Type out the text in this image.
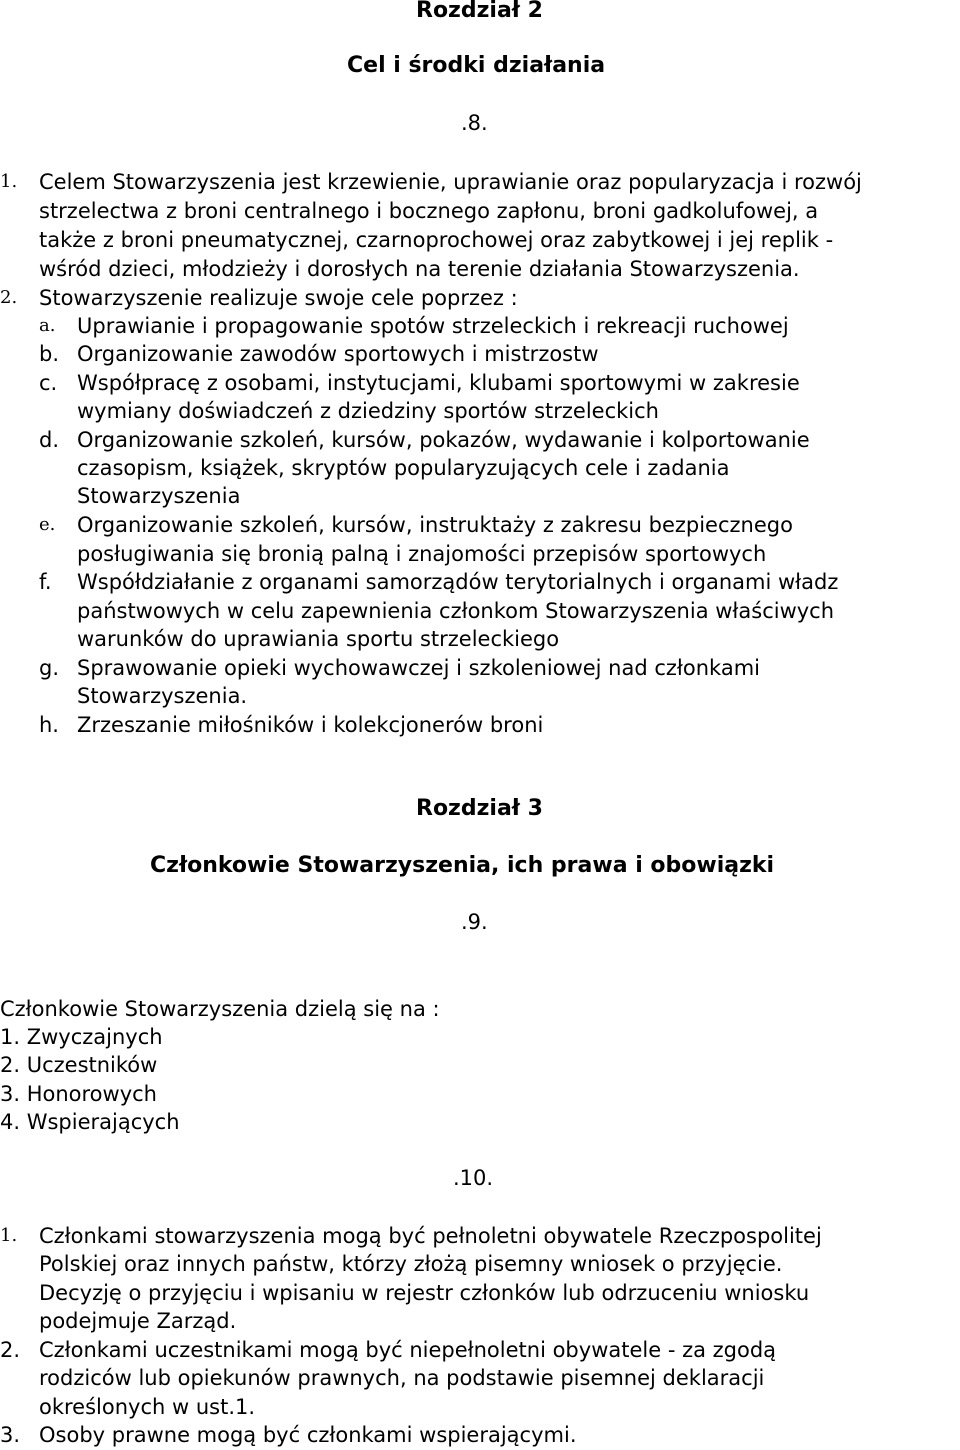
Rozdział 2
Cel i środki działania
.8.
1. Celem Stowarzyszenia jest krzewienie, uprawianie oraz popularyzacja i rozwój
strzelectwa z broni centralnego i bocznego zapłonu, broni gadkolufowej, a
także z broni pneumatycznej, czarnoprochowej oraz zabytkowej i jej replik -
wśród dzieci, młodzieży i dorosłych na terenie działania Stowarzyszenia.
2. Stowarzyszenie realizuje swoje cele poprzez :
a. Uprawianie i propagowanie spotów strzeleckich i rekreacji ruchowej
b. Organizowanie zawodów sportowych i mistrzostw
c. Współpracę z osobami, instytucjami, klubami sportowymi w zakresie
wymiany doświadczeń z dziedziny sportów strzeleckich
d. Organizowanie szkoleń, kursów, pokazów, wydawanie i kolportowanie
czasopism, książek, skryptów popularyzujących cele i zadania
Stowarzyszenia
e. Organizowanie szkoleń, kursów, instruktaży z zakresu bezpiecznego
posługiwania się bronią palną i znajomości przepisów sportowych
f. Współdziałanie z organami samorządów terytorialnych i organami władz
państwowych w celu zapewnienia członkom Stowarzyszenia właściwych
warunków do uprawiania sportu strzeleckiego
g. Sprawowanie opieki wychowawczej i szkoleniowej nad członkami
Stowarzyszenia.
h. Zrzeszanie miłośników i kolekcjonerów broni
Rozdział 3
Członkowie Stowarzyszenia, ich prawa i obowiązki
.9.
Członkowie Stowarzyszenia dzielą się na :
1. Zwyczajnych
2. Uczestników
3. Honorowych
4. Wspierających
.10.
1. Członkami stowarzyszenia mogą być pełnoletni obywatele Rzeczpospolitej
Polskiej oraz innych państw, którzy złożą pisemny wniosek o przyjęcie.
Decyzję o przyjęciu i wpisaniu w rejestr członków lub odrzuceniu wniosku
podejmuje Zarząd.
2. Członkami uczestnikami mogą być niepełnoletni obywatele - za zgodą
rodziców lub opiekunów prawnych, na podstawie pisemnej deklaracji
określonych w ust.1.
3. Osoby prawne mogą być członkami wspierającymi.
